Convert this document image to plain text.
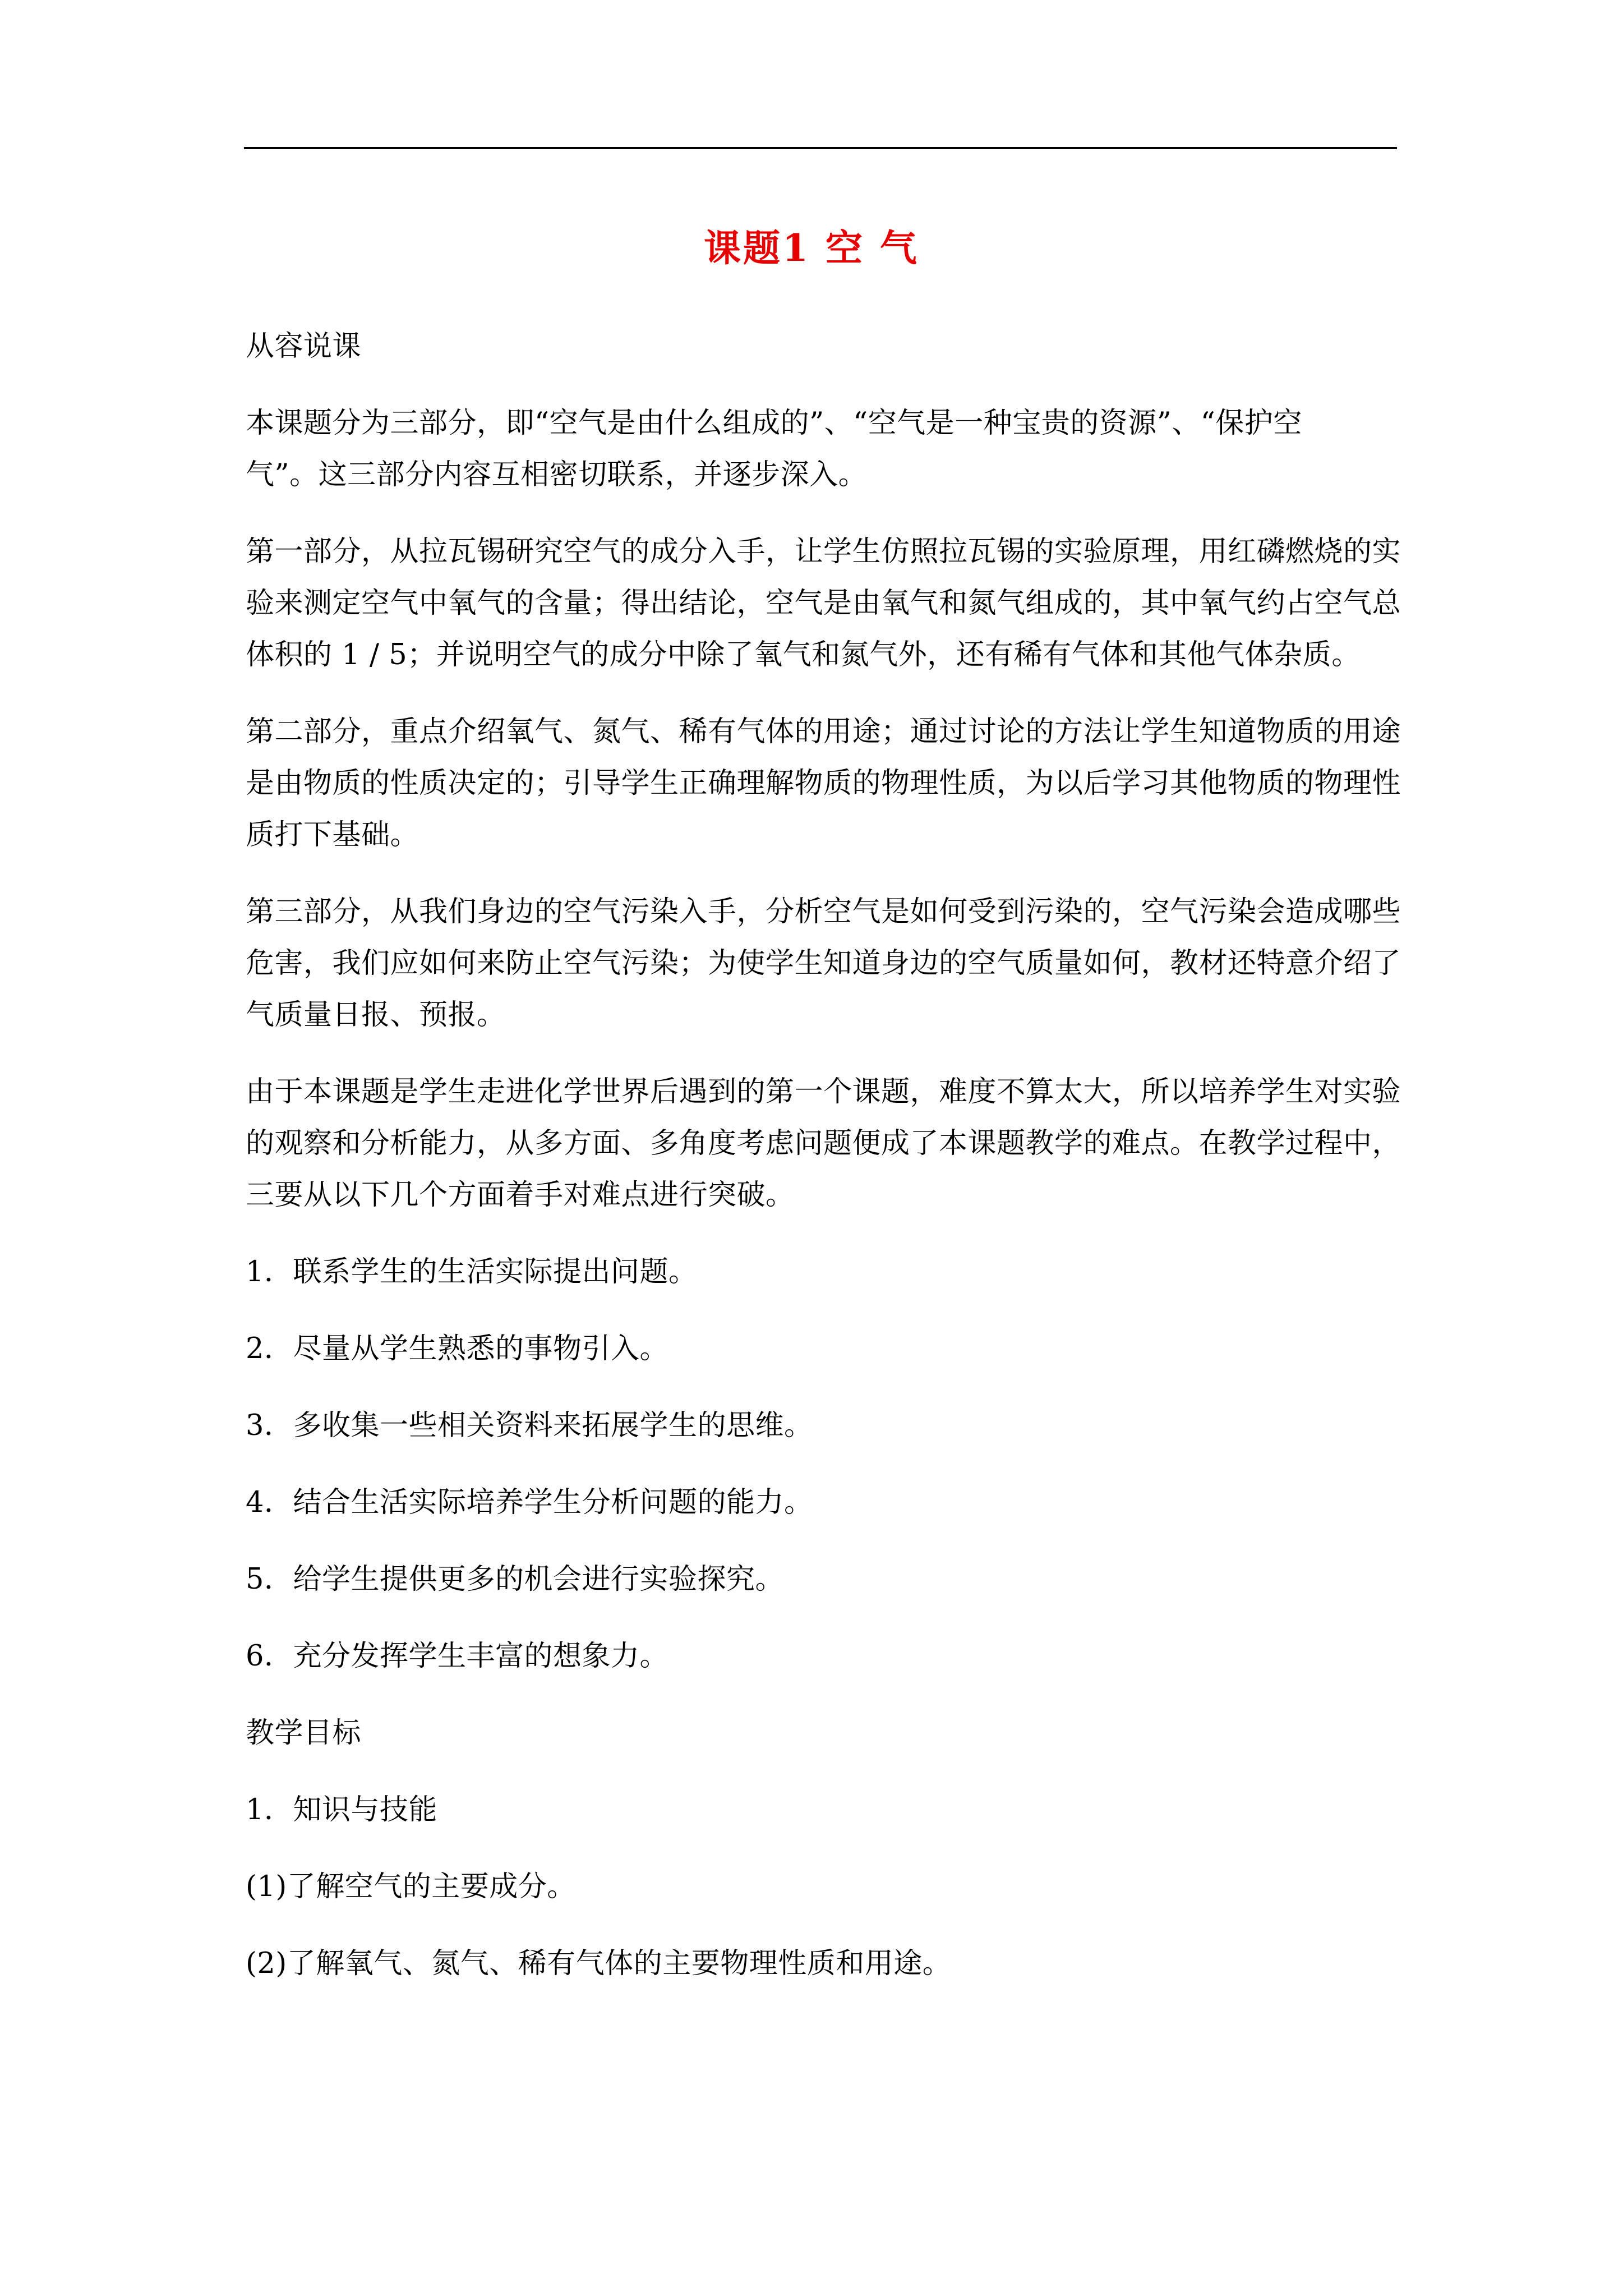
课题1 空 气
从容说课
本课题分为三部分，即“空气是由什么组成的”、“空气是一种宝贵的资源”、“保护空
气”。这三部分内容互相密切联系，并逐步深入。
第一部分，从拉瓦锡研究空气的成分入手，让学生仿照拉瓦锡的实验原理，用红磷燃烧的实
验来测定空气中氧气的含量；得出结论，空气是由氧气和氮气组成的，其中氧气约占空气总
体积的 1 / 5；并说明空气的成分中除了氧气和氮气外，还有稀有气体和其他气体杂质。
第二部分，重点介绍氧气、氮气、稀有气体的用途；通过讨论的方法让学生知道物质的用途
是由物质的性质决定的；引导学生正确理解物质的物理性质，为以后学习其他物质的物理性
质打下基础。
第三部分，从我们身边的空气污染入手，分析空气是如何受到污染的，空气污染会造成哪些
危害，我们应如何来防止空气污染；为使学生知道身边的空气质量如何，教材还特意介绍了
气质量日报、预报。
由于本课题是学生走进化学世界后遇到的第一个课题，难度不算太大，所以培养学生对实验
的观察和分析能力，从多方面、多角度考虑问题便成了本课题教学的难点。在教学过程中，
三要从以下几个方面着手对难点进行突破。
1．联系学生的生活实际提出问题。
2．尽量从学生熟悉的事物引入。
3．多收集一些相关资料来拓展学生的思维。
4．结合生活实际培养学生分析问题的能力。
5．给学生提供更多的机会进行实验探究。
6．充分发挥学生丰富的想象力。
教学目标
1．知识与技能
(1)了解空气的主要成分。
(2)了解氧气、氮气、稀有气体的主要物理性质和用途。
